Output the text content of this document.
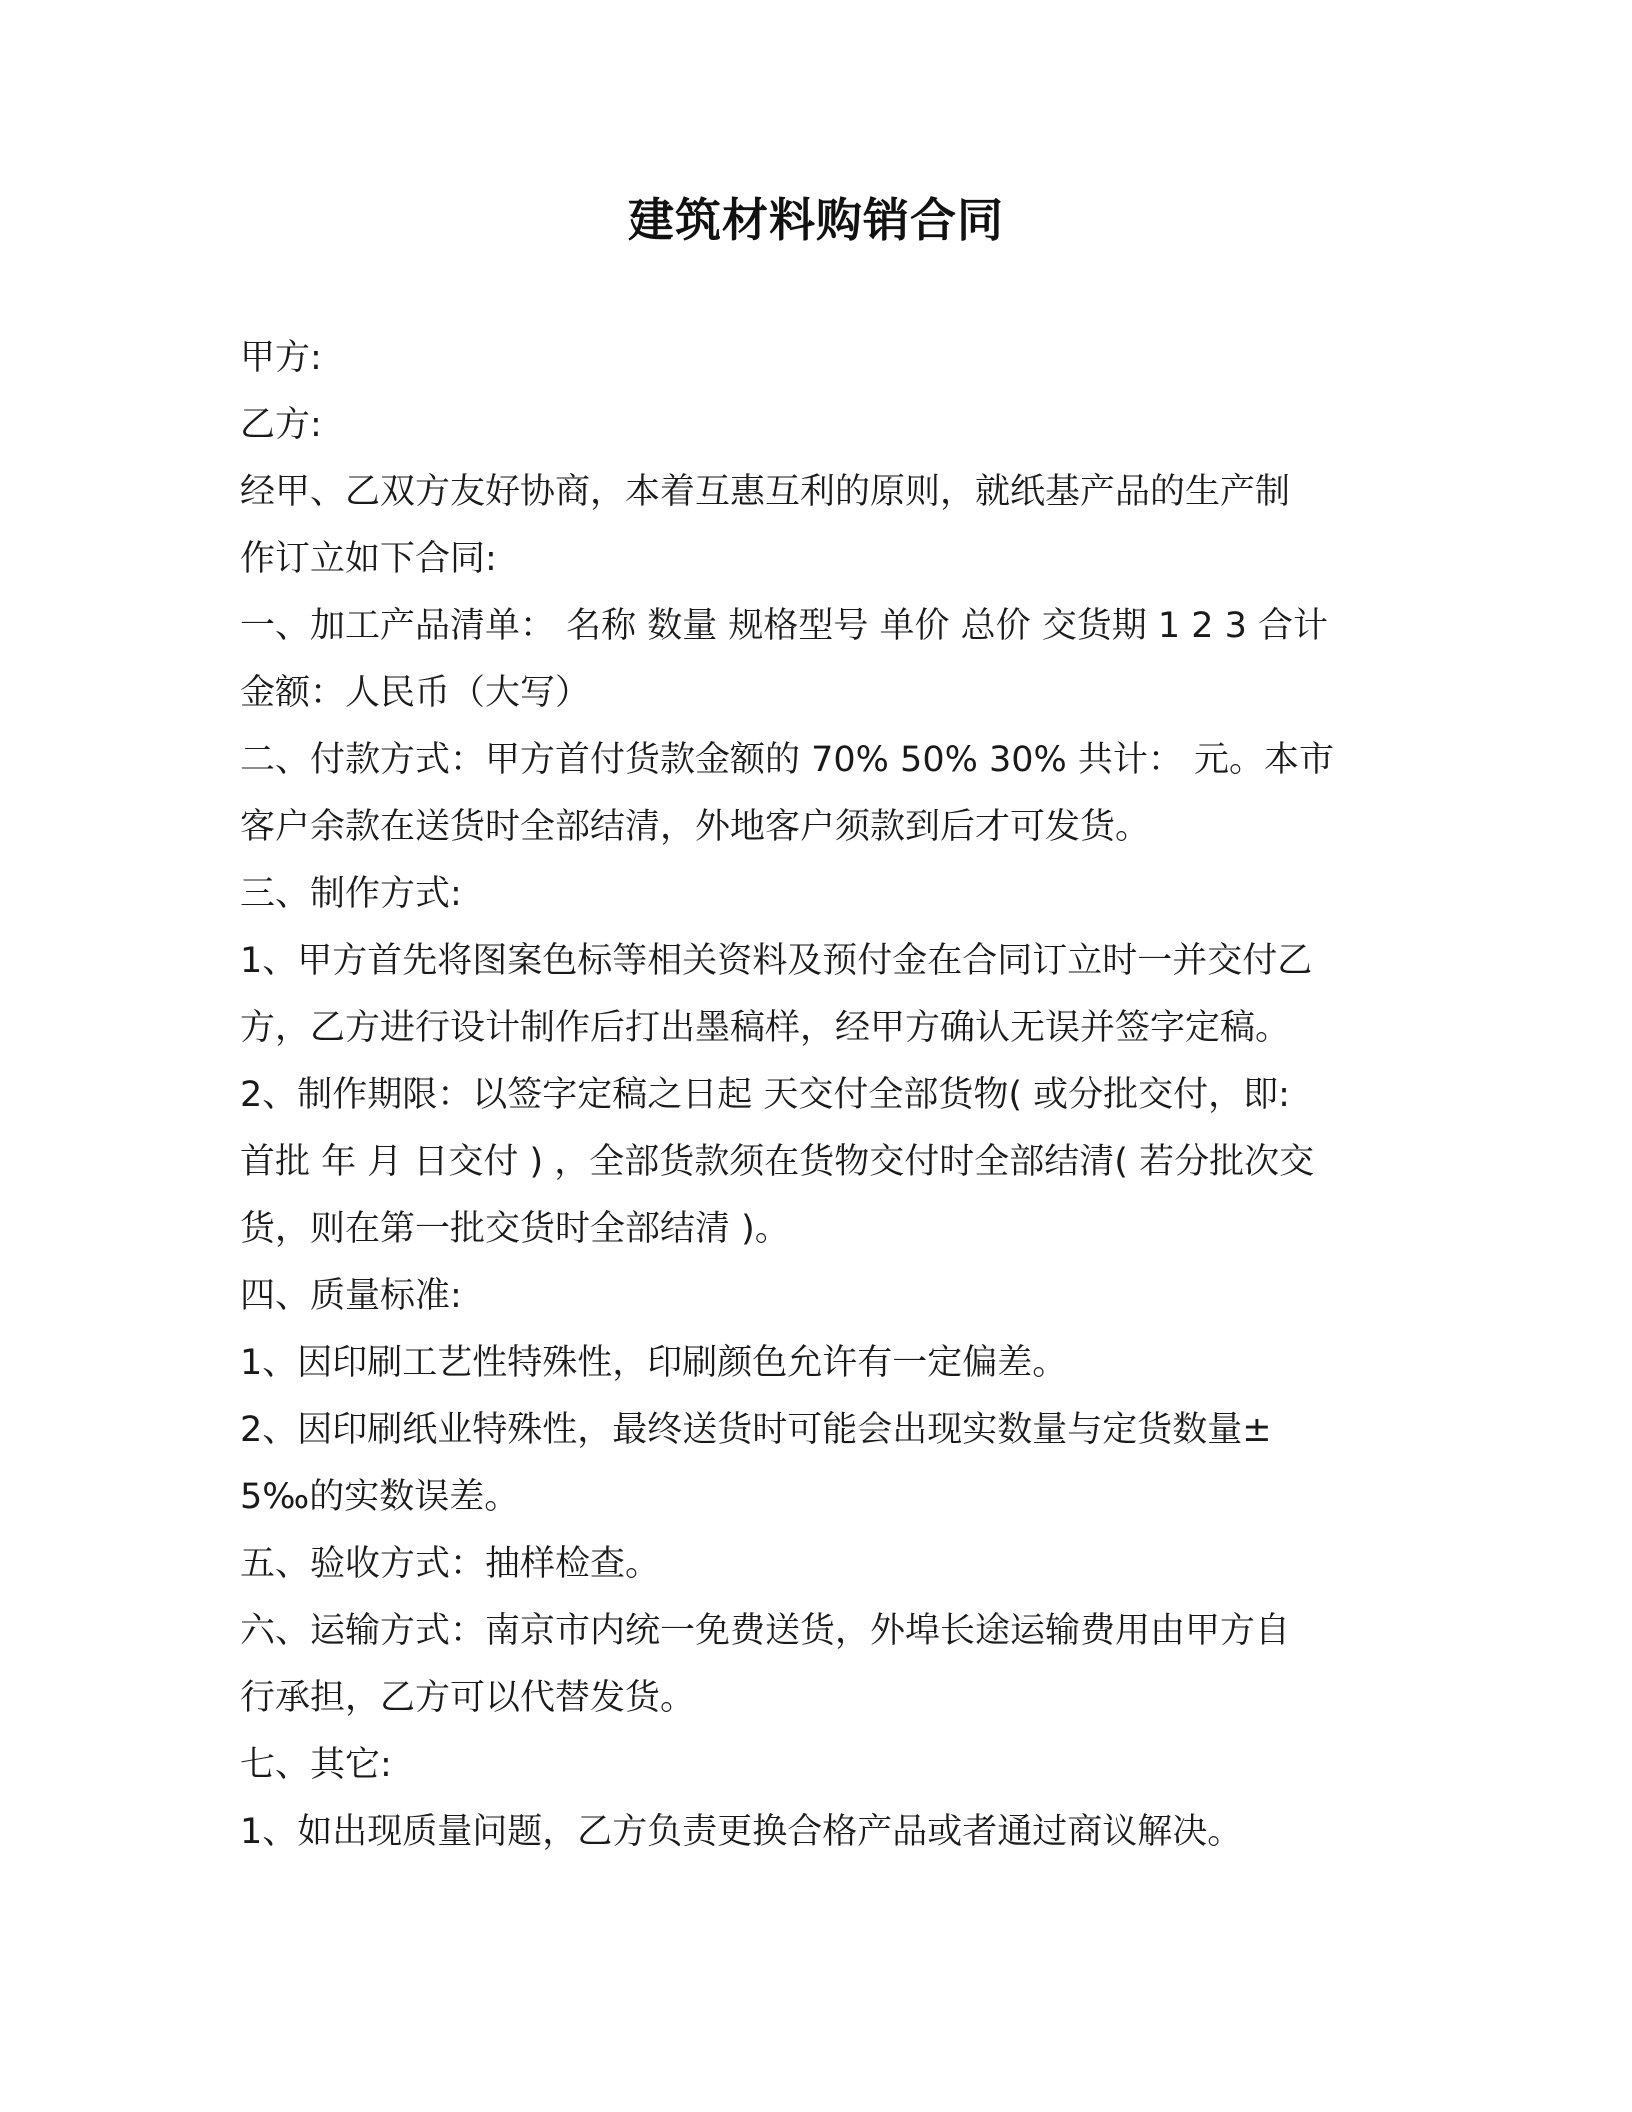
建筑材料购销合同
甲方:
乙方:
经甲、乙双方友好协商，本着互惠互利的原则，就纸基产品的生产制
作订立如下合同:
一、加工产品清单： 名称 数量 规格型号 单价 总价 交货期 1 2 3 合计
金额：人民币（大写）
二、付款方式：甲方首付货款金额的 70% 50% 30% 共计： 元。本市
客户余款在送货时全部结清，外地客户须款到后才可发货。
三、制作方式:
1、甲方首先将图案色标等相关资料及预付金在合同订立时一并交付乙
方，乙方进行设计制作后打出墨稿样，经甲方确认无误并签字定稿。
2、制作期限：以签字定稿之日起 天交付全部货物( 或分批交付，即:
首批 年 月 日交付 ) ，全部货款须在货物交付时全部结清( 若分批次交
货，则在第一批交货时全部结清 )。
四、质量标准:
1、因印刷工艺性特殊性，印刷颜色允许有一定偏差。
2、因印刷纸业特殊性，最终送货时可能会出现实数量与定货数量±
5‰的实数误差。
五、验收方式：抽样检查。
六、运输方式：南京市内统一免费送货，外埠长途运输费用由甲方自
行承担，乙方可以代替发货。
七、其它:
1、如出现质量问题，乙方负责更换合格产品或者通过商议解决。
